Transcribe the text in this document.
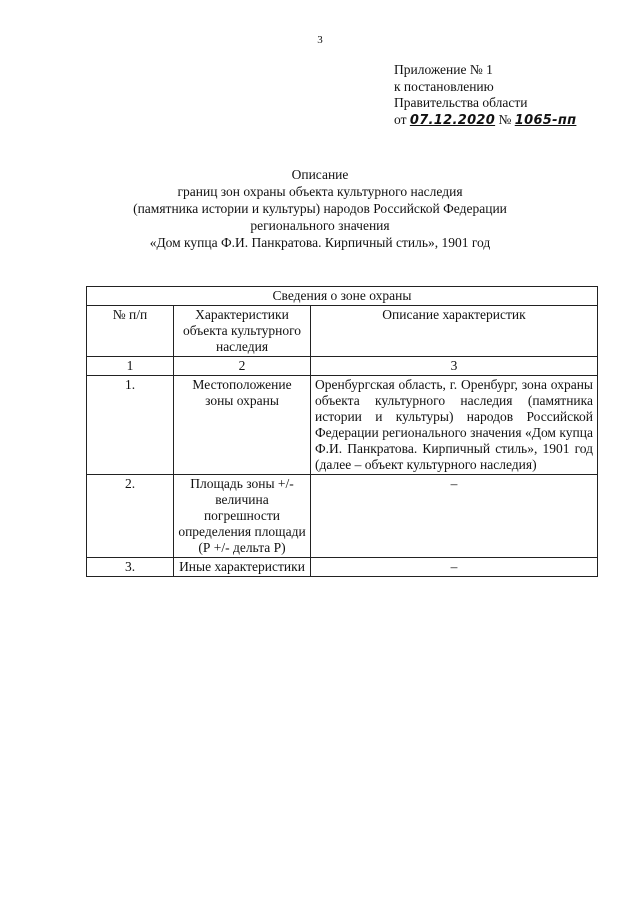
3
Приложение № 1
к постановлению
Правительства области
от 07.12.2020 № 1065-пп
Описание
границ зон охраны объекта культурного наследия
(памятника истории и культуры) народов Российской Федерации
регионального значения
«Дом купца Ф.И. Панкратова. Кирпичный стиль», 1901 год
Сведения о зоне охраны		
№ п/п	Характеристики объекта культурного наследия	Описание характеристик
1	2	3
1.	Местоположение зоны охраны	Оренбургская область, г. Оренбург, зона охраны объекта культурного наследия (памятника истории и культуры) народов Российской Федерации регионального значения «Дом купца Ф.И. Панкратова. Кирпичный стиль», 1901 год (далее – объект культурного наследия)
2.	Площадь зоны +/- величина погрешности определения площади (Р +/- дельта Р)	–
3.	Иные характеристики	–
